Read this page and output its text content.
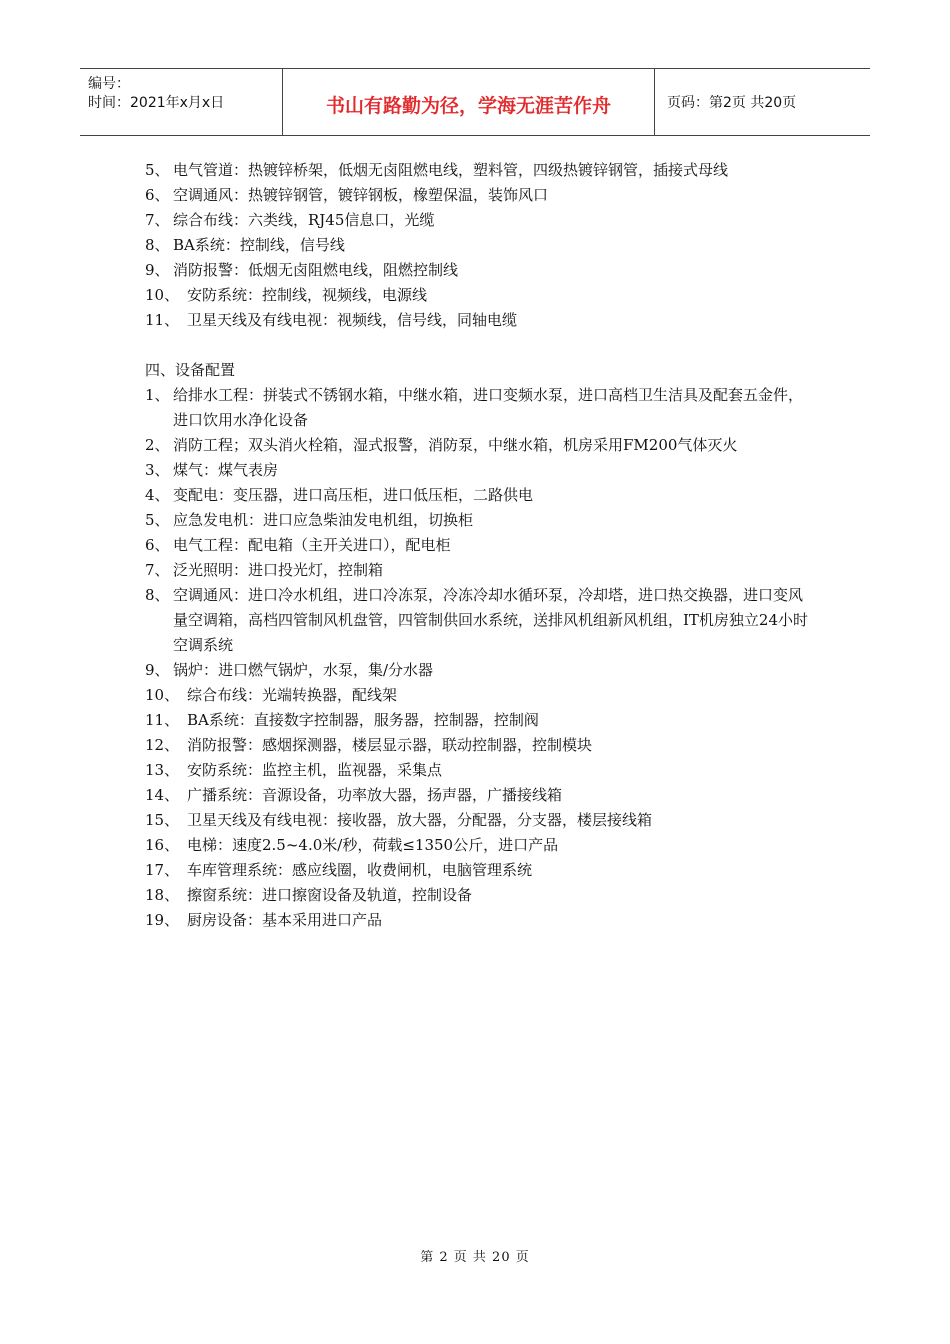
编号：
时间：2021年x月x日	书山有路勤为径，学海无涯苦作舟	页码：第2页 共20页
5、 电气管道：热镀锌桥架，低烟无卤阻燃电线，塑料管，四级热镀锌钢管，插接式母线
6、 空调通风：热镀锌钢管，镀锌钢板，橡塑保温，装饰风口
7、 综合布线：六类线，RJ45信息口，光缆
8、 BA系统：控制线，信号线
9、 消防报警：低烟无卤阻燃电线，阻燃控制线
10、 安防系统：控制线，视频线，电源线
11、 卫星天线及有线电视：视频线，信号线，同轴电缆
四、设备配置
1、 给排水工程：拼装式不锈钢水箱，中继水箱，进口变频水泵，进口高档卫生洁具及配套五金件，进口饮用水净化设备
2、 消防工程；双头消火栓箱，湿式报警，消防泵，中继水箱，机房采用FM200气体灭火
3、 煤气：煤气表房
4、 变配电：变压器，进口高压柜，进口低压柜，二路供电
5、 应急发电机：进口应急柴油发电机组，切换柜
6、 电气工程：配电箱（主开关进口），配电柜
7、 泛光照明：进口投光灯，控制箱
8、 空调通风：进口冷水机组，进口冷冻泵，冷冻冷却水循环泵，冷却塔，进口热交换器，进口变风量空调箱，高档四管制风机盘管，四管制供回水系统，送排风机组新风机组，IT机房独立24小时空调系统
9、 锅炉：进口燃气锅炉，水泵，集/分水器
10、 综合布线：光端转换器，配线架
11、 BA系统：直接数字控制器，服务器，控制器，控制阀
12、 消防报警：感烟探测器，楼层显示器，联动控制器，控制模块
13、 安防系统：监控主机，监视器，采集点
14、 广播系统：音源设备，功率放大器，扬声器，广播接线箱
15、 卫星天线及有线电视：接收器，放大器，分配器，分支器，楼层接线箱
16、 电梯：速度2.5~4.0米/秒，荷载≤1350公斤，进口产品
17、 车库管理系统：感应线圈，收费闸机，电脑管理系统
18、 擦窗系统：进口擦窗设备及轨道，控制设备
19、 厨房设备：基本采用进口产品
第 2 页 共 20 页
